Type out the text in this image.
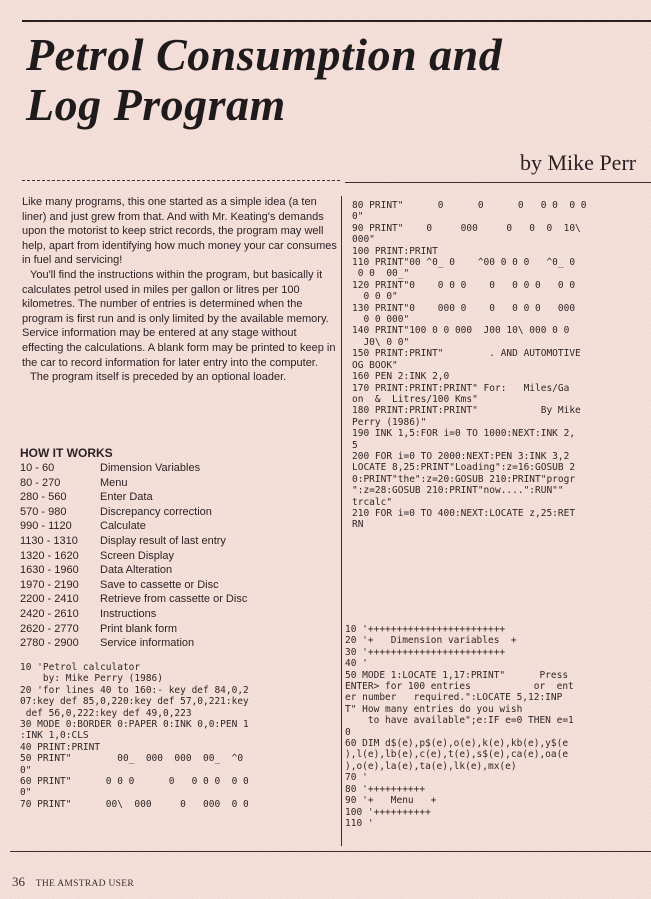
Petrol Consumption and
Log Program
by Mike Perr

Like many programs, this one started as a simple idea (a ten liner) and just grew from that. And with Mr. Keating's demands upon the motorist to keep strict records, the program may well help, apart from identifying how much money your car consumes in fuel and servicing!

You'll find the instructions within the program, but basically it calculates petrol used in miles per gallon or litres per 100 kilometres. The number of entries is determined when the program is first run and is only limited by the available memory. Service information may be entered at any stage without effecting the calculations. A blank form may be printed to keep in the car to record information for later entry into the computer.

The program itself is preceded by an optional loader.

HOW IT WORKS
10 - 60	Dimension Variables
80 - 270	Menu
280 - 560	Enter Data
570 - 980	Discrepancy correction
990 - 1120	Calculate
1130 - 1310	Display result of last entry
1320 - 1620	Screen Display
1630 - 1960	Data Alteration
1970 - 2190	Save to cassette or Disc
2200 - 2410	Retrieve from cassette or Disc
2420 - 2610	Instructions
2620 - 2770	Print blank form
2780 - 2900	Service information
80 PRINT"      0      0      0   0 0  0 0
0"
90 PRINT"    0     000     0   0  0  10\
000"
100 PRINT:PRINT
110 PRINT"00 ^0_ 0    ^00 0 0 0   ^0_ 0
0 0  00_"
120 PRINT"0    0 0 0    0   0 0 0   0 0
0 0 0"
130 PRINT"0    000 0    0   0 0 0   000
0 0 000"
140 PRINT"100 0 0 000  J00 10\ 000 0 0
J0\ 0 0"
150 PRINT:PRINT"        . AND AUTOMOTIVE
OG BOOK"
160 PEN 2:INK 2,0
170 PRINT:PRINT:PRINT" For:   Miles/Ga
on  &  Litres/100 Kms"
180 PRINT:PRINT:PRINT"           By Mike
Perry (1986)"
190 INK 1,5:FOR i=0 TO 1000:NEXT:INK 2,
5
200 FOR i=0 TO 2000:NEXT:PEN 3:INK 3,2
LOCATE 8,25:PRINT"Loading":z=16:GOSUB 2
0:PRINT"the":z=20:GOSUB 210:PRINT"progr
":z=28:GOSUB 210:PRINT"now....":RUN""
trcalc"
210 FOR i=0 TO 400:NEXT:LOCATE z,25:RET
RN
10 'Petrol calculator
by: Mike Perry (1986)
20 'for lines 40 to 160:- key def 84,0,2
07:key def 85,0,220:key def 57,0,221:key
def 56,0,222:key def 49,0,223
30 MODE 0:BORDER 0:PAPER 0:INK 0,0:PEN 1
:INK 1,0:CLS
40 PRINT:PRINT
50 PRINT"        00_  000  000  00_  ^0
0"
60 PRINT"      0 0 0      0   0 0 0  0 0
0"
70 PRINT"      00\  000     0   000  0 0
10 '++++++++++++++++++++++++
20 '+   Dimension variables  +
30 '++++++++++++++++++++++++
40 '
50 MODE 1:LOCATE 1,17:PRINT"      Press
ENTER> for 100 entries           or  ent
er number   required.":LOCATE 5,12:INP
T" How many entries do you wish
to have available";e:IF e=0 THEN e=1
0
60 DIM d$(e),p$(e),o(e),k(e),kb(e),y$(e
),l(e),lb(e),c(e),t(e),s$(e),ca(e),oa(e
),o(e),la(e),ta(e),lk(e),mx(e)
70 '
80 '++++++++++
90 '+   Menu   +
100 '++++++++++
110 '
36 THE AMSTRAD USER
